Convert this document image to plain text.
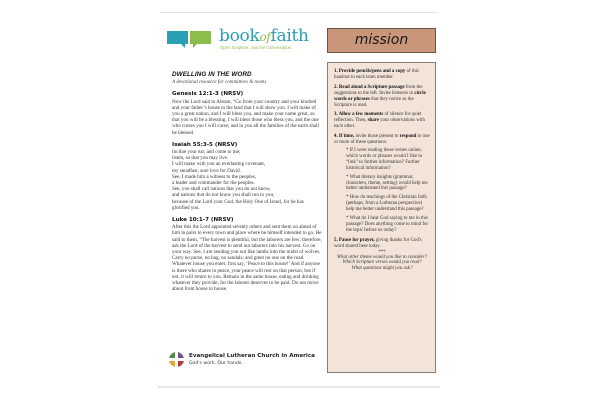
bookoffaith
Open Scripture. Join the Conversation.	mission
DWELLING IN THE WORD
A devotional resource for committees & teams
Genesis 12:1-3 (NRSV)

Now the Lord said to Abram, “Go from your country and your kindred and your father’s house to the land that I will show you. I will make of you a great nation, and I will bless you, and make your name great, so that you will be a blessing. I will bless those who bless you, and the one who curses you I will curse; and in you all the families of the earth shall be blessed.

Isaiah 55:3-5 (NRSV)
Incline your ear, and come to me;
listen, so that you may live.
I will make with you an everlasting covenant,
my steadfast, sure love for David.
See, I made him a witness to the peoples,
a leader and commander for the peoples.
See, you shall call nations that you do not know,
and nations that do not know you shall run to you,

because of the Lord your God, the Holy One of Israel, for he has glorified you.

Luke 10:1-7 (NRSV)

After this the Lord appointed seventy others and sent them on ahead of him in pairs to every town and place where he himself intended to go. He said to them, “The harvest is plentiful, but the laborers are few; therefore, ask the Lord of the harvest to send out laborers into his harvest. Go on your way. See, I am sending you out like lambs into the midst of wolves. Carry no purse, no bag, no sandals; and greet no one on the road. Whatever house you enter, first say, ‘Peace to this house!’ And if anyone is there who shares in peace, your peace will rest on that person; but if not, it will return to you. Remain in the same house, eating and drinking whatever they provide, for the laborer deserves to be paid. Do not move about from house to house.

Evangelical Lutheran Church in America
God's work. Our hands.

1. Provide pencils/pens and a copy of this handout to each team member.

2. Read aloud a Scripture passage from the suggestions to the left. Invite listeners to circle words or phrases that they notice as the Scripture is read.

3. Allow a few moments of silence for quiet reflection. Then, share your observations with each other.

4. If time, invite those present to respond to one or more of these questions:

* If I were reading these verses online, which words or phrases would I like to “link” to further information? Further historical information?

* What literary insights (grammar, characters, theme, setting) would help me better understand this passage?

* How do teachings of the Christian faith (perhaps, from a Lutheran perspective) help me better understand this passage?

* What do I hear God saying to me in this passage? Does anything come to mind for the topic before us today?

5. Pause for prayer, giving thanks for God's word shared here today.

***

What other theme would you like to consider?

Which Scripture verses would you read?

What questions might you ask?
